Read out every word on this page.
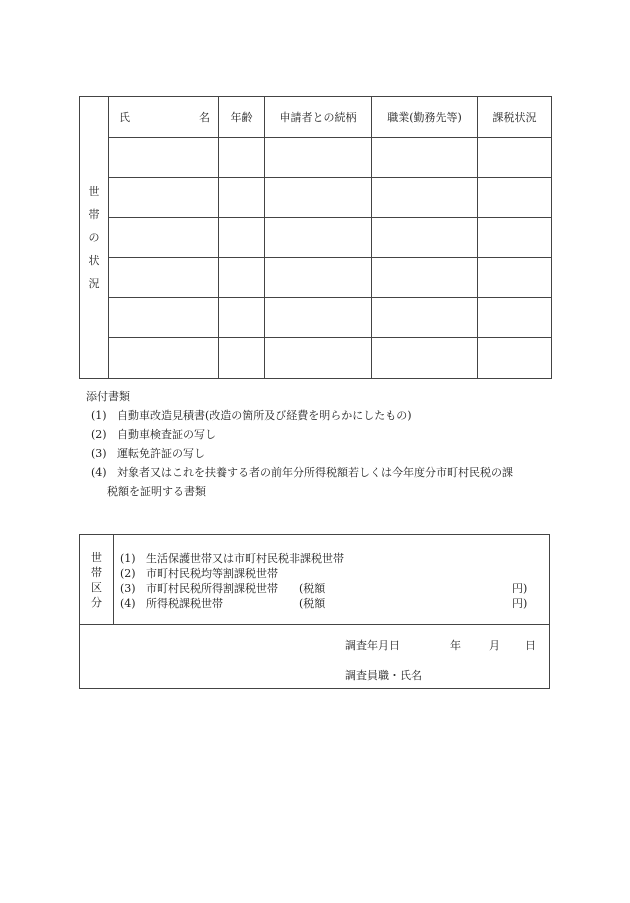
世
帯
の
状
況	氏 名	年齢	申請者との続柄	職業(勤務先等)	課税状況

添付書類
(1) 自動車改造見積書(改造の箇所及び経費を明らかにしたもの)
(2) 自動車検査証の写し
(3) 運転免許証の写し
(4) 対象者又はこれを扶養する者の前年分所得税額若しくは今年度分市町村民税の課
税額を証明する書類
世
帯
区
分
(1) 生活保護世帯又は市町村民税非課税世帯
(2) 市町村民税均等割課税世帯
(3) 市町村民税所得割課税世帯 (税額	円)
(4) 所得税課税世帯	(税額	円)
調査年月日	年	月 日
調査員職・氏名
